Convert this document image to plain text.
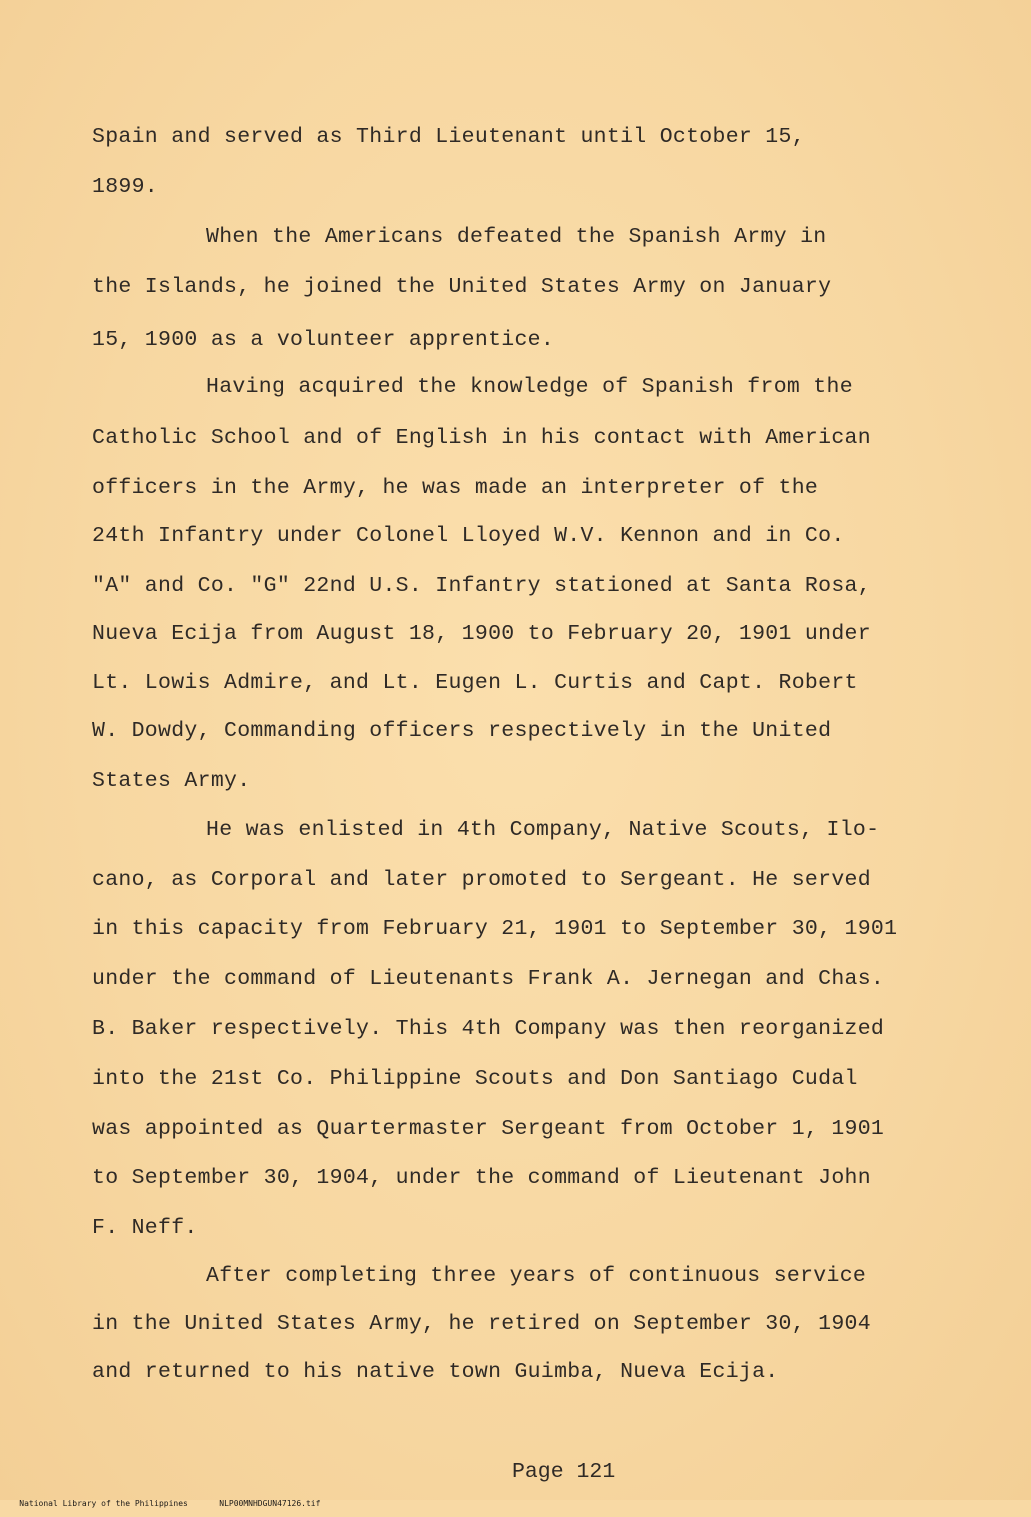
Spain and served as Third Lieutenant until October 15,
1899.
When the Americans defeated the Spanish Army in
the Islands, he joined the United States Army on January
15, 1900 as a volunteer apprentice.
Having acquired the knowledge of Spanish from the
Catholic School and of English in his contact with American
officers in the Army, he was made an interpreter of the
24th Infantry under Colonel Lloyed W.V. Kennon and in Co.
"A" and Co. "G" 22nd U.S. Infantry stationed at Santa Rosa,
Nueva Ecija from August 18, 1900 to February 20, 1901 under
Lt. Lowis Admire, and Lt. Eugen L. Curtis and Capt. Robert
W. Dowdy, Commanding officers respectively in the United
States Army.
He was enlisted in 4th Company, Native Scouts, Ilo-
cano, as Corporal and later promoted to Sergeant. He served
in this capacity from February 21, 1901 to September 30, 1901
under the command of Lieutenants Frank A. Jernegan and Chas.
B. Baker respectively. This 4th Company was then reorganized
into the 21st Co. Philippine Scouts and Don Santiago Cudal
was appointed as Quartermaster Sergeant from October 1, 1901
to September 30, 1904, under the command of Lieutenant John
F. Neff.
After completing three years of continuous service
in the United States Army, he retired on September 30, 1904
and returned to his native town Guimba, Nueva Ecija.
Page 121

National Library of the Philippines	NLP00MNHDGUN47126.tif
